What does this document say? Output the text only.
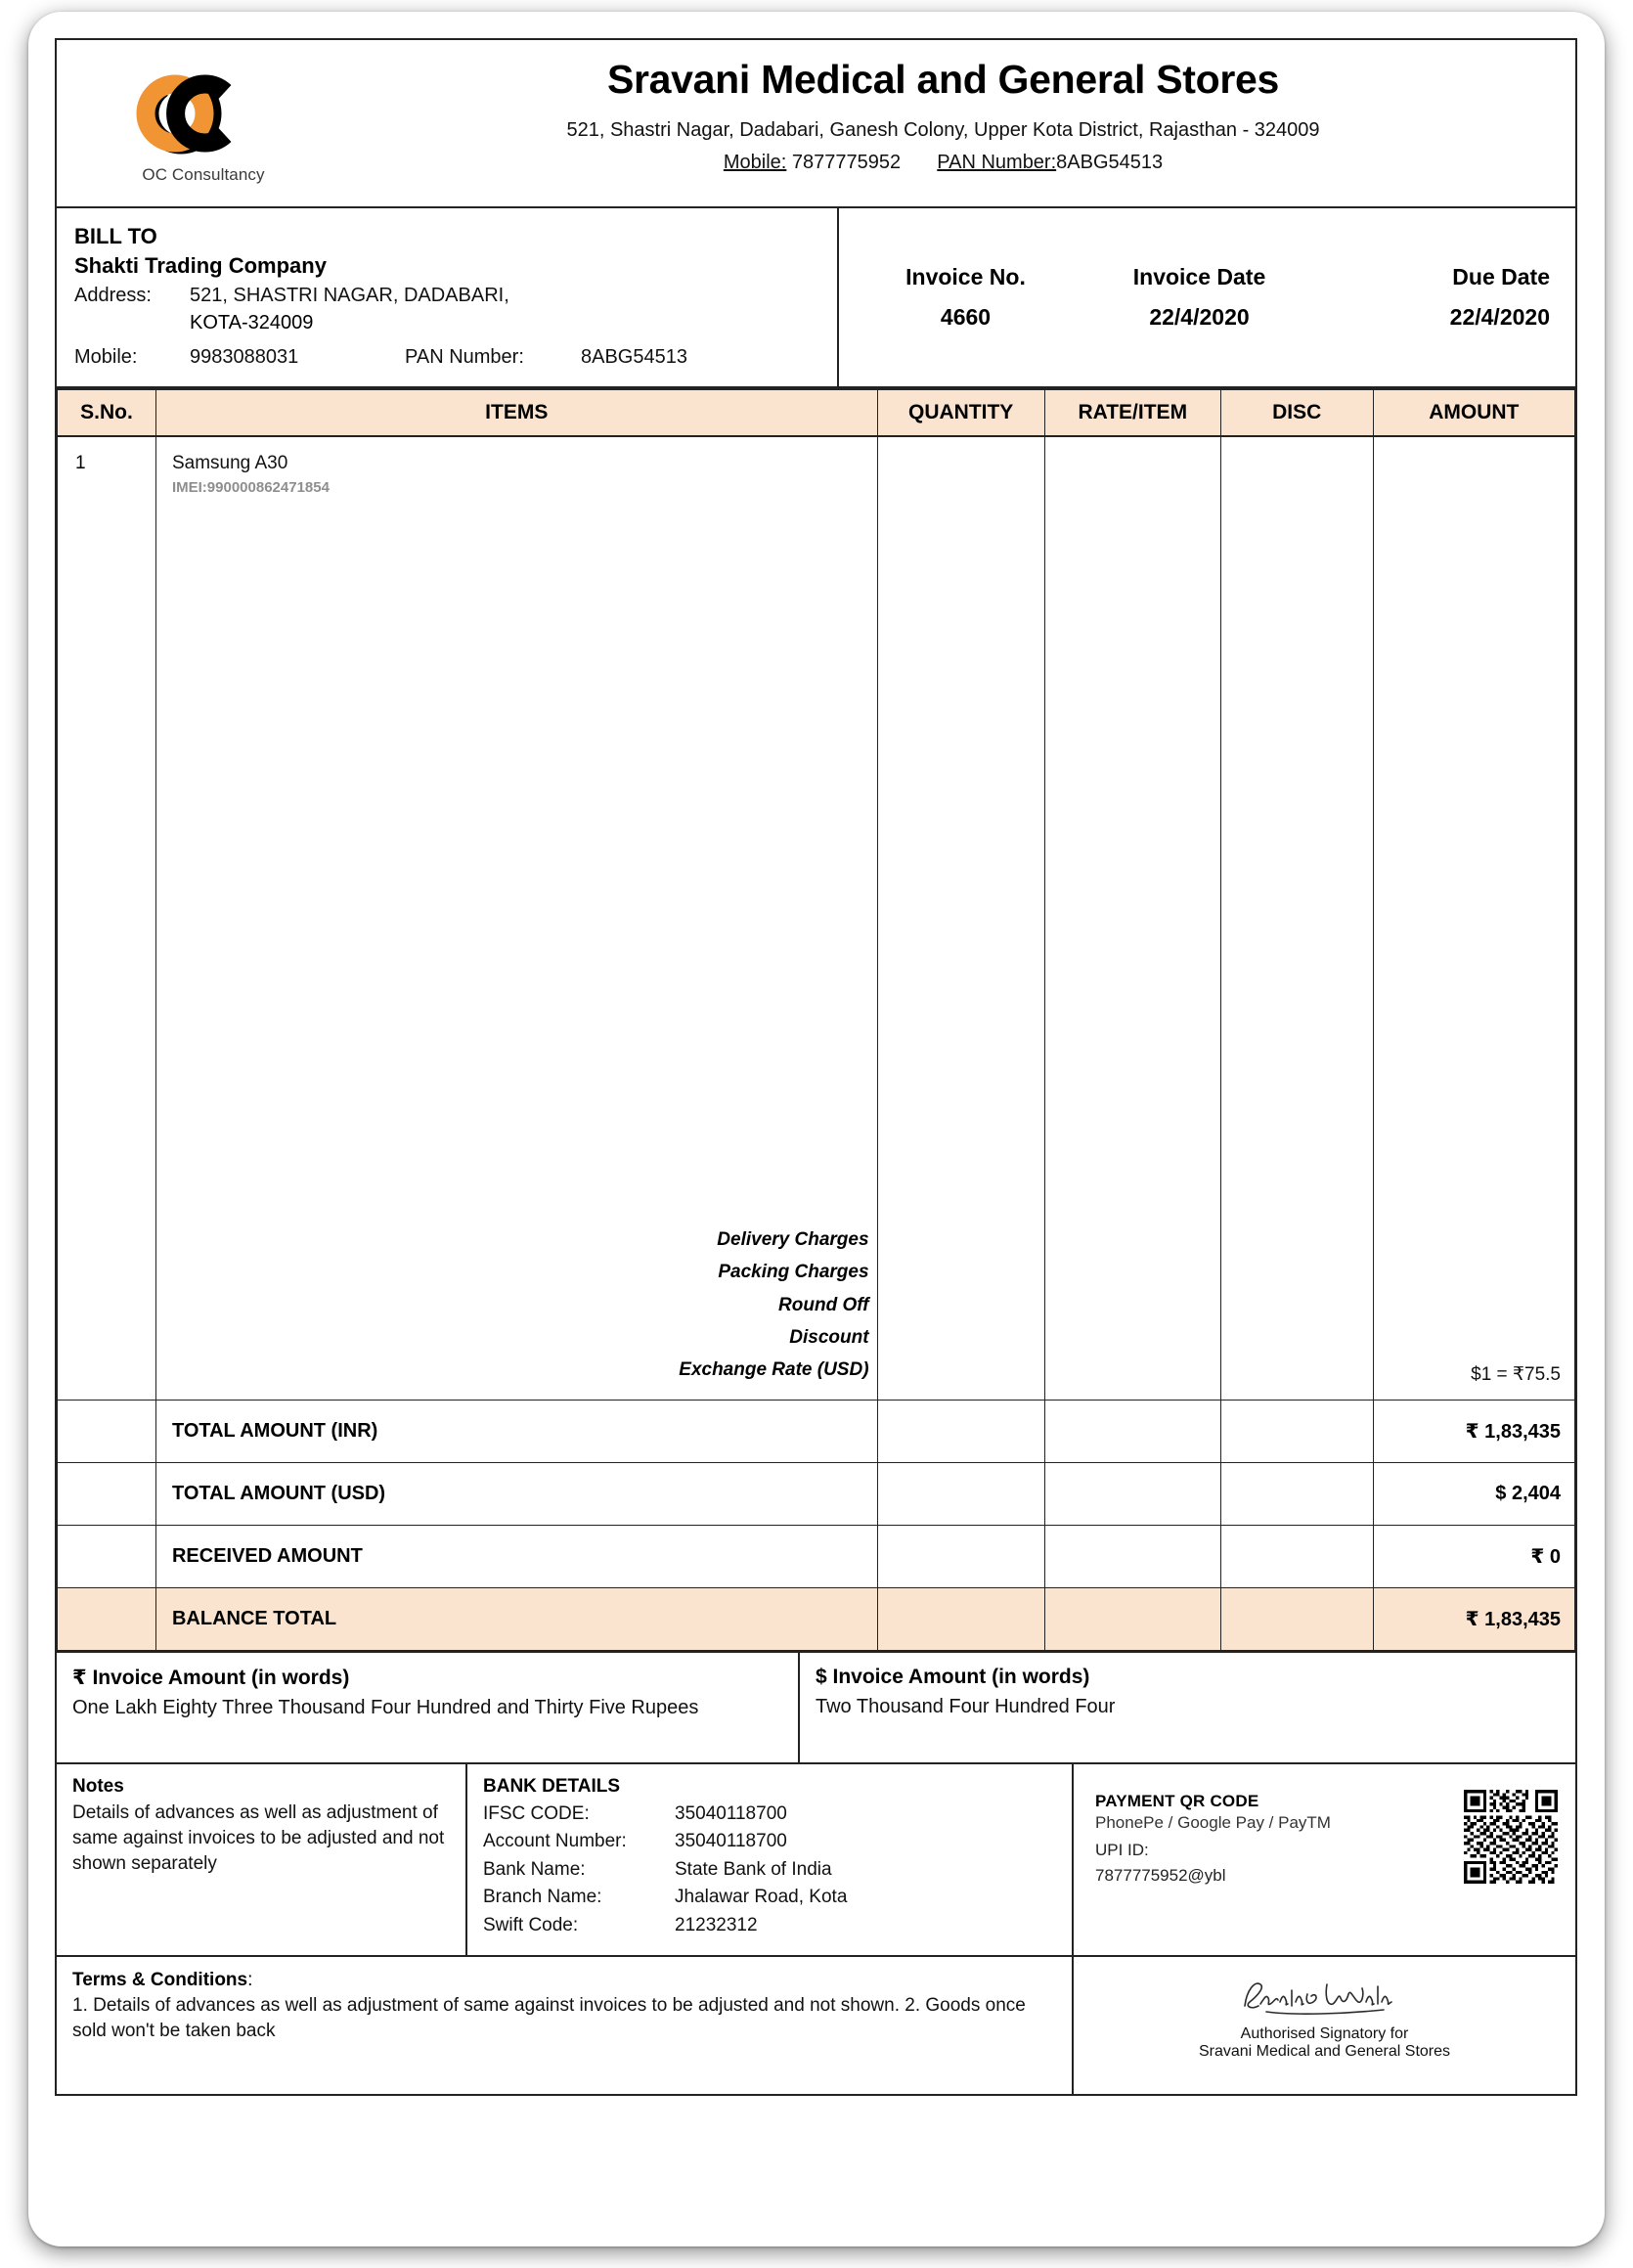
OC Consultancy
Sravani Medical and General Stores
521, Shastri Nagar, Dadabari, Ganesh Colony, Upper Kota District, Rajasthan - 324009
Mobile: 7877775952 PAN Number:8ABG54513
BILL TO
Shakti Trading Company
Address:	521, SHASTRI NAGAR, DADABARI,
KOTA-324009
Mobile:	9983088031	PAN Number:	8ABG54513
Invoice No.
4660
Invoice Date
22/4/2020
Due Date
22/4/2020
S.No.	ITEMS	QUANTITY	RATE/ITEM	DISC	AMOUNT
1	Samsung A30
IMEI:990000862471854
Delivery Charges
Packing Charges
Round Off
Discount
Exchange Rate (USD)				$1 = ₹75.5

	TOTAL AMOUNT (INR)				₹ 1,83,435
	TOTAL AMOUNT (USD)				$ 2,404
	RECEIVED AMOUNT				₹ 0
	BALANCE TOTAL				₹ 1,83,435
₹ Invoice Amount (in words)
One Lakh Eighty Three Thousand Four Hundred and Thirty Five Rupees
$ Invoice Amount (in words)
Two Thousand Four Hundred Four
Notes
Details of advances as well as adjustment of same against invoices to be adjusted and not shown separately
BANK DETAILS
IFSC CODE:	35040118700
Account Number:	35040118700
Bank Name:	State Bank of India
Branch Name:	Jhalawar Road, Kota
Swift Code:	21232312
PAYMENT QR CODE
PhonePe / Google Pay / PayTM
UPI ID:
7877775952@ybl
Terms & Conditions:
1. Details of advances as well as adjustment of same against invoices to be adjusted and not shown. 2. Goods once sold won't be taken back	Authorised Signatory for
Sravani Medical and General Stores
